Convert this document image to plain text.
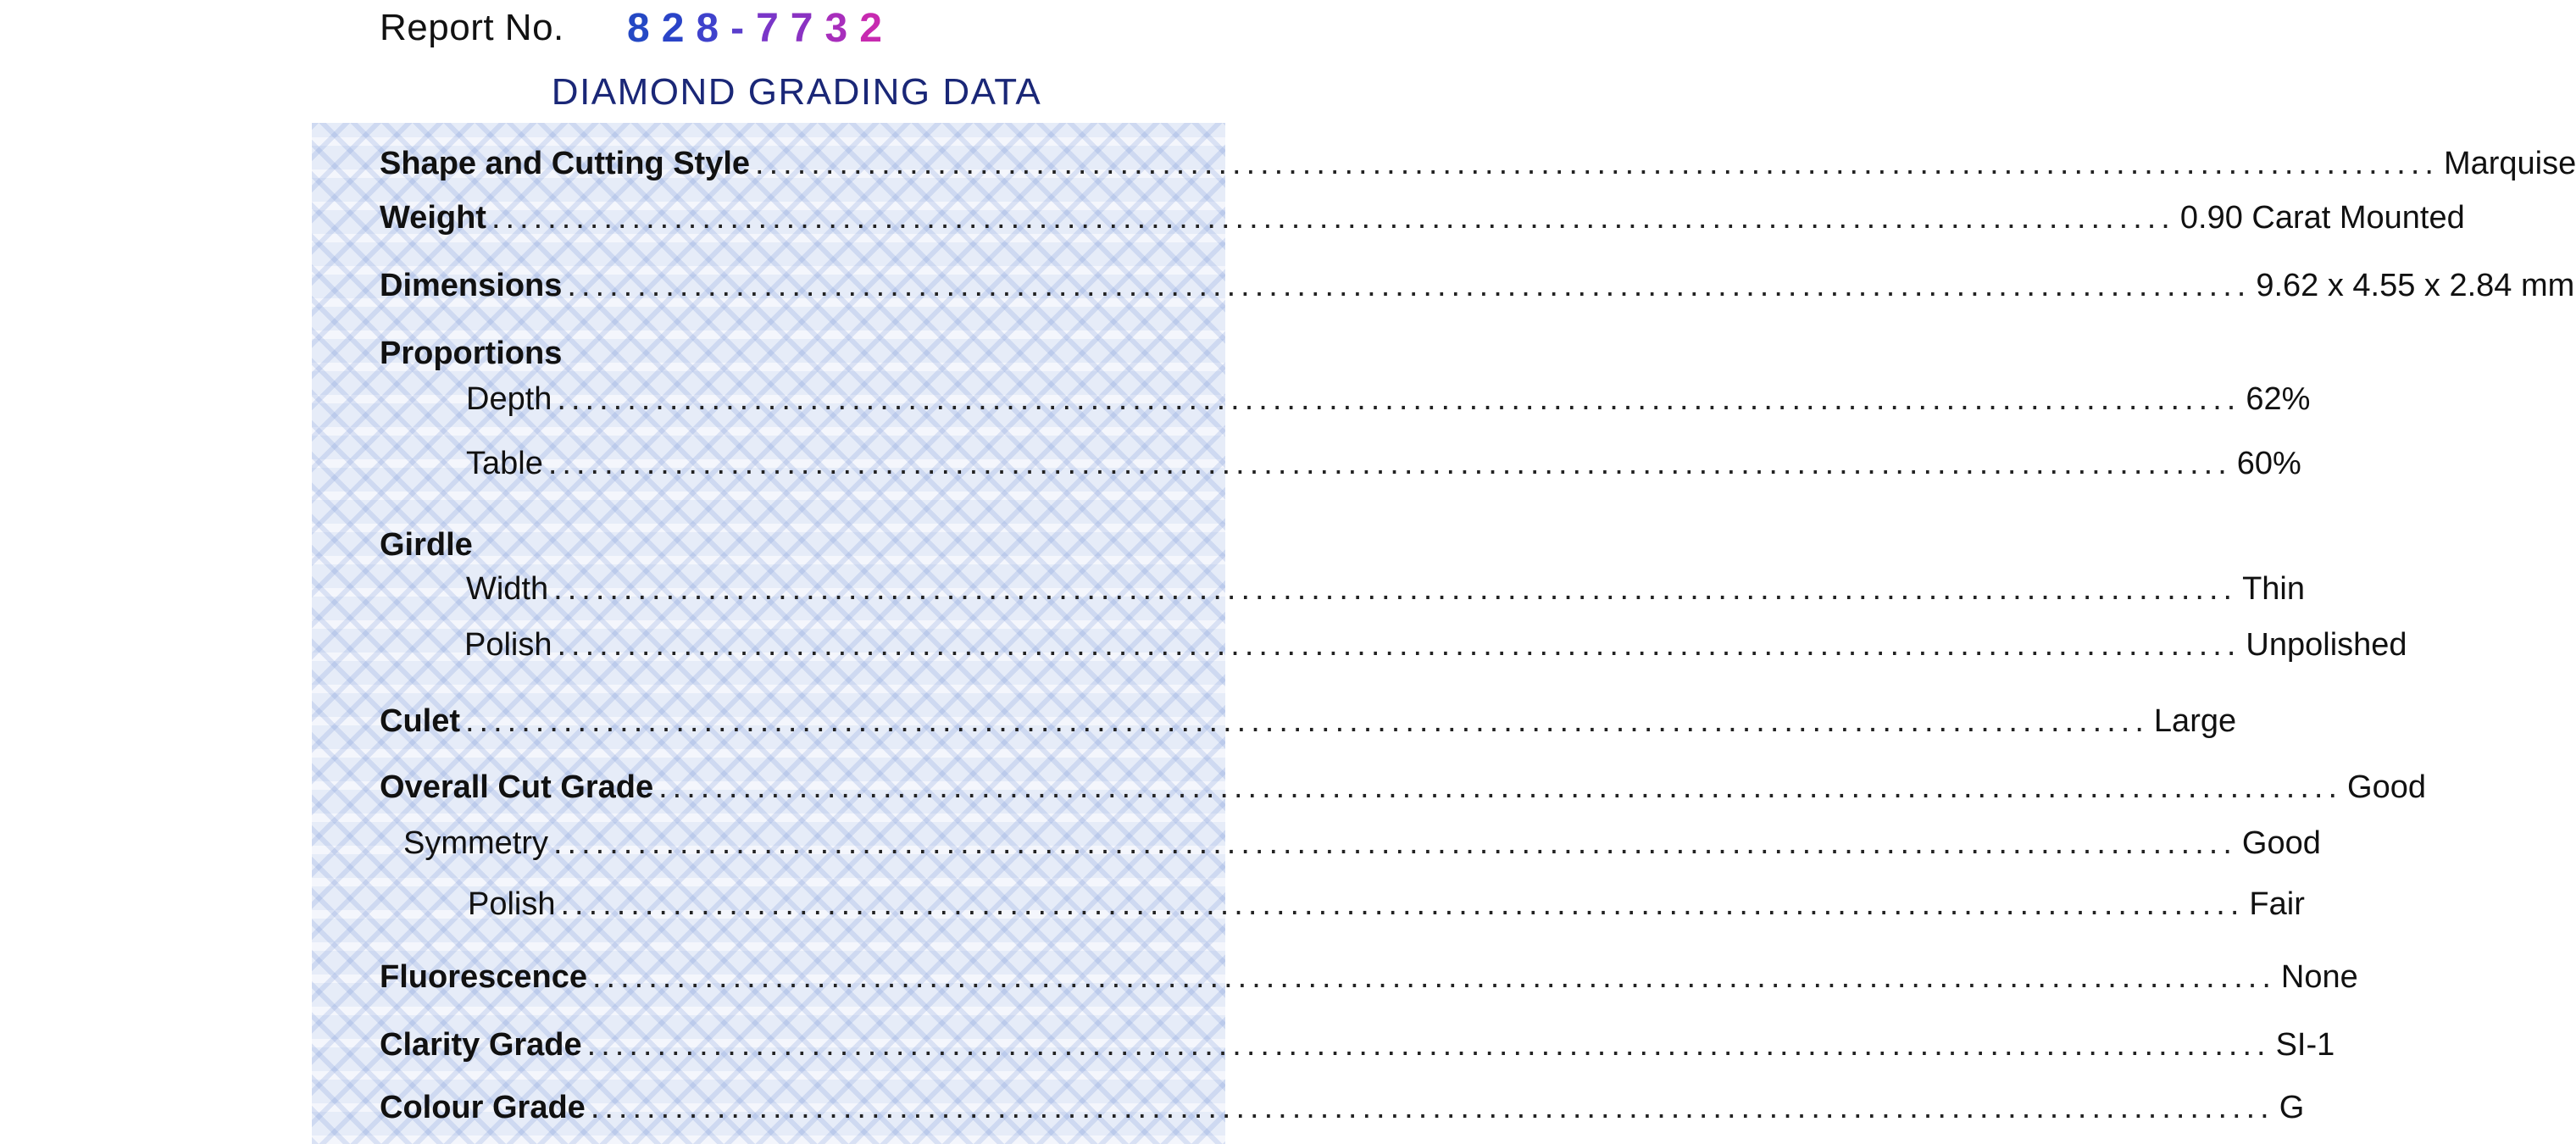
Report No. 828-7732
DIAMOND GRADING DATA
Shape and Cutting Style ........................................................................................................................ Marquise
Weight ........................................................................................................................ 0.90 Carat Mounted
Dimensions ........................................................................................................................ 9.62 x 4.55 x 2.84 mm
Proportions
Depth ........................................................................................................................ 62%
Table ........................................................................................................................ 60%
Girdle
Width ........................................................................................................................ Thin
Polish ........................................................................................................................ Unpolished
Culet ........................................................................................................................ Large
Overall Cut Grade ........................................................................................................................ Good
Symmetry ........................................................................................................................ Good
Polish ........................................................................................................................ Fair
Fluorescence ........................................................................................................................ None
Clarity Grade ........................................................................................................................ SI-1
Colour Grade ........................................................................................................................ G
